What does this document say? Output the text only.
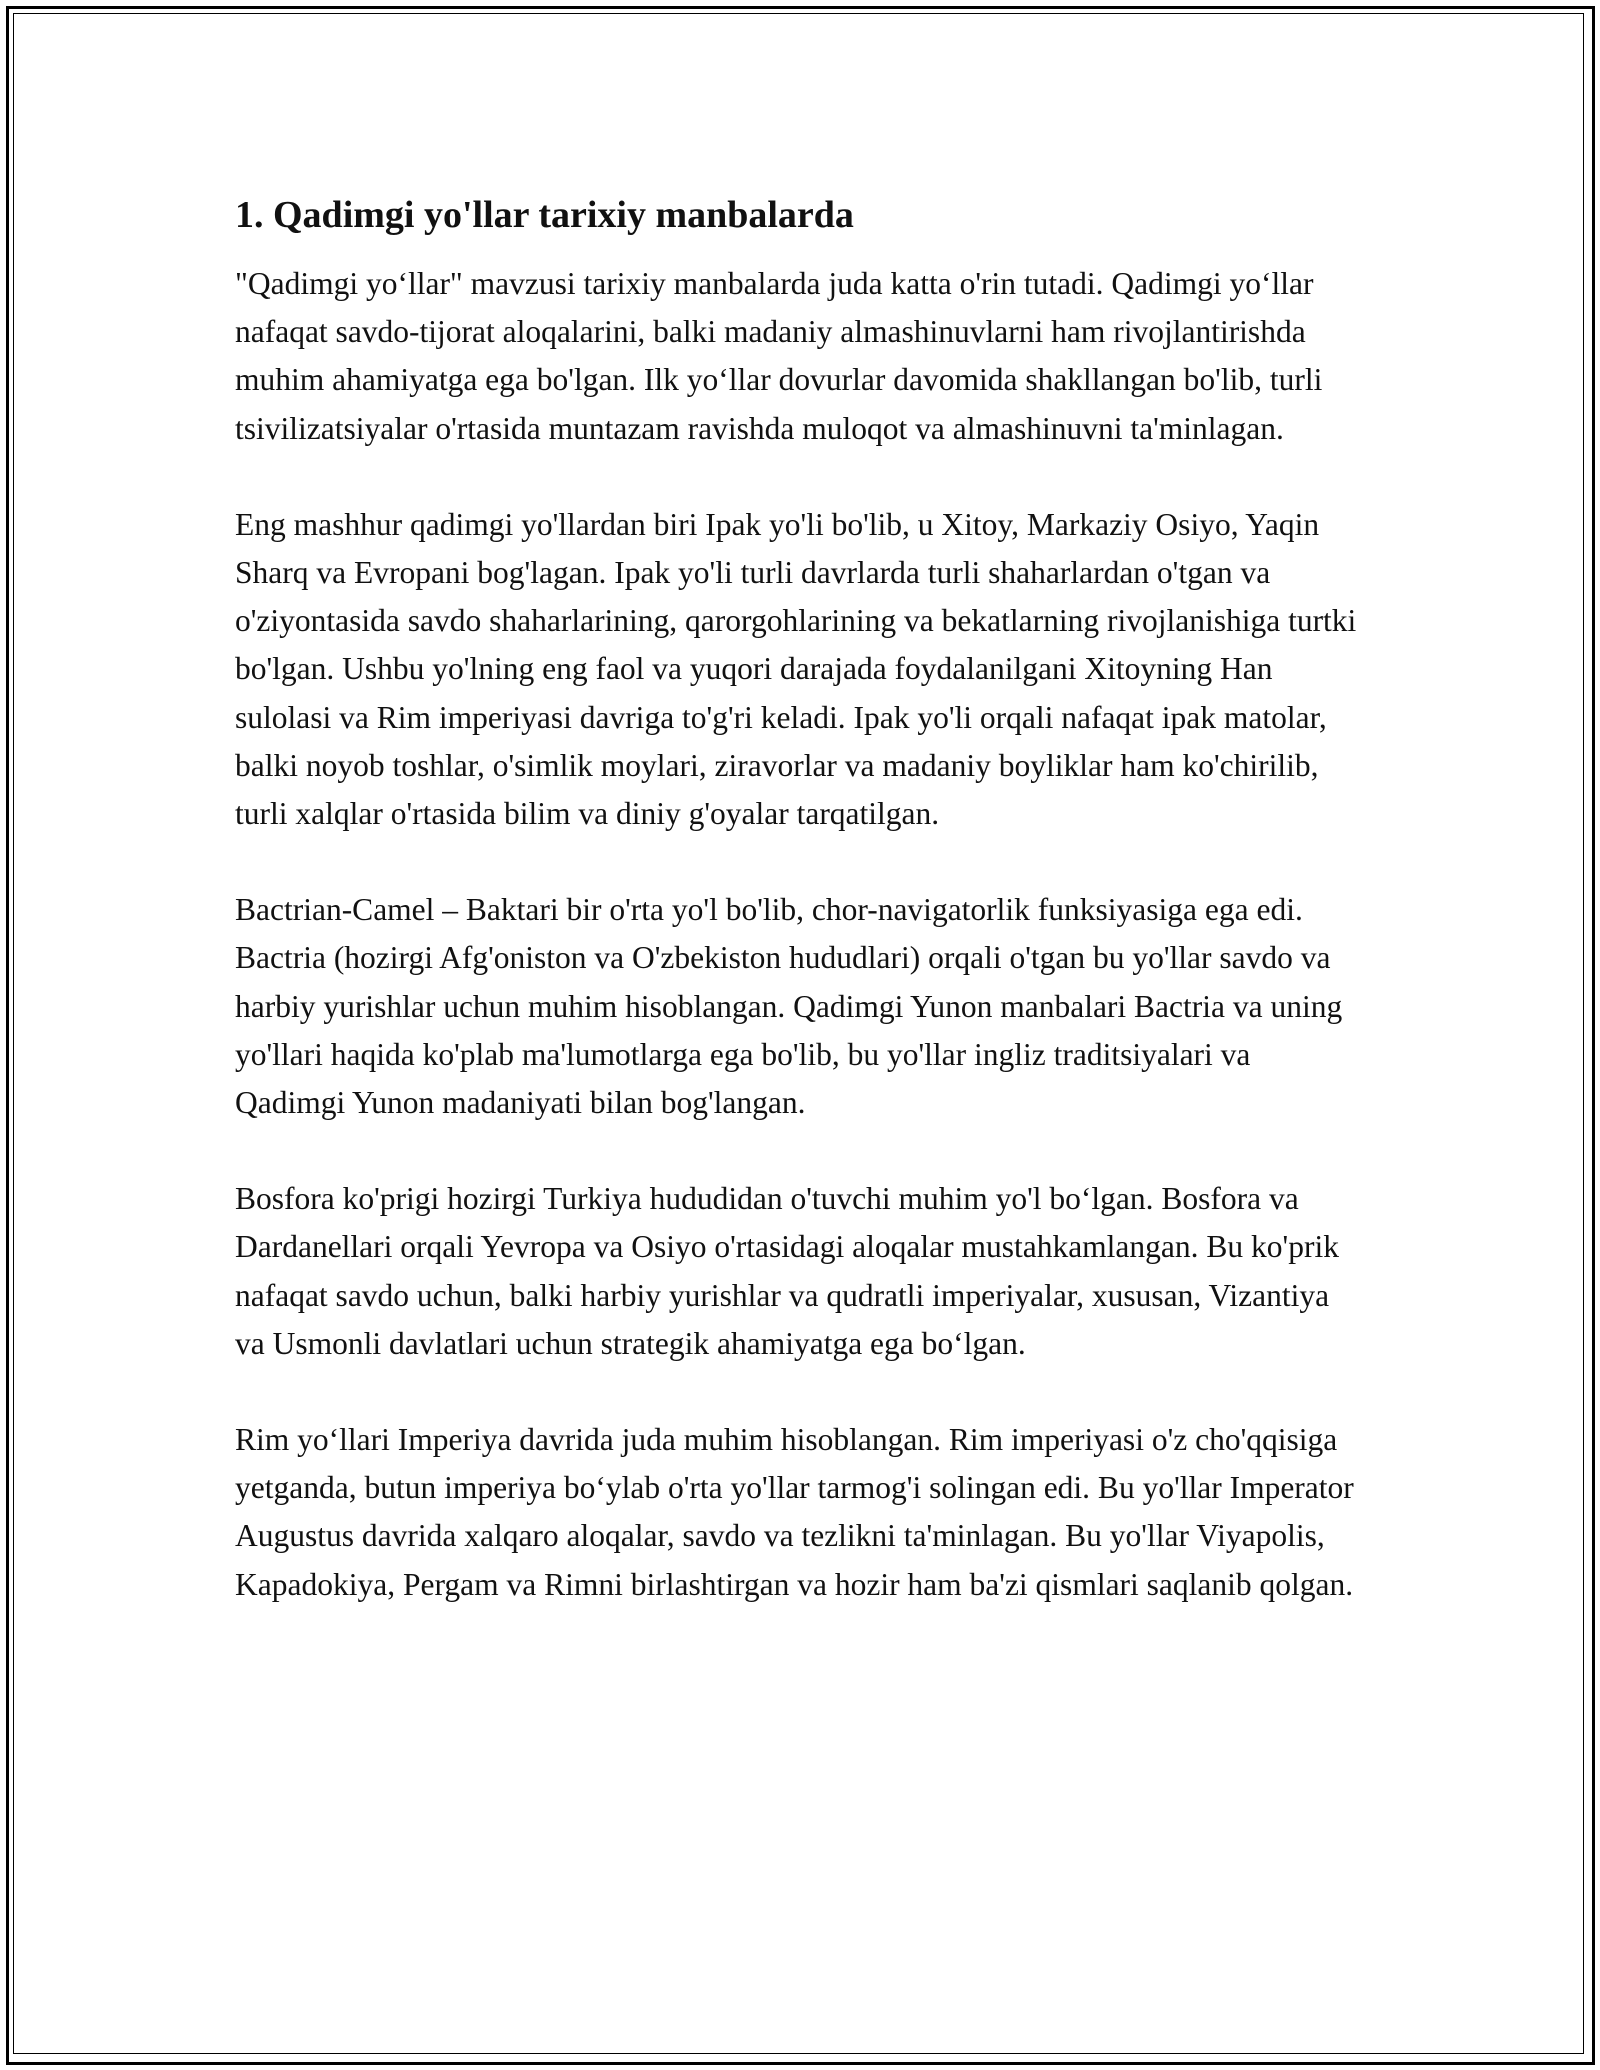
1. Qadimgi yo'llar tarixiy manbalarda

"Qadimgi yo‘llar" mavzusi tarixiy manbalarda juda katta o'rin tutadi. Qadimgi yo‘llar nafaqat savdo-tijorat aloqalarini, balki madaniy almashinuvlarni ham rivojlantirishda muhim ahamiyatga ega bo'lgan. Ilk yo‘llar dovurlar davomida shakllangan bo'lib, turli tsivilizatsiyalar o'rtasida muntazam ravishda muloqot va almashinuvni ta'minlagan.

Eng mashhur qadimgi yo'llardan biri Ipak yo'li bo'lib, u Xitoy, Markaziy Osiyo, Yaqin Sharq va Evropani bog'lagan. Ipak yo'li turli davrlarda turli shaharlardan o'tgan va o'ziyontasida savdo shaharlarining, qarorgohlarining va bekatlarning rivojlanishiga turtki bo'lgan. Ushbu yo'lning eng faol va yuqori darajada foydalanilgani Xitoyning Han sulolasi va Rim imperiyasi davriga to'g'ri keladi. Ipak yo'li orqali nafaqat ipak matolar, balki noyob toshlar, o'simlik moylari, ziravorlar va madaniy boyliklar ham ko'chirilib, turli xalqlar o'rtasida bilim va diniy g'oyalar tarqatilgan.

Bactrian-Camel – Baktari bir o'rta yo'l bo'lib, chor-navigatorlik funksiyasiga ega edi. Bactria (hozirgi Afg'oniston va O'zbekiston hududlari) orqali o'tgan bu yo'llar savdo va harbiy yurishlar uchun muhim hisoblangan. Qadimgi Yunon manbalari Bactria va uning yo'llari haqida ko'plab ma'lumotlarga ega bo'lib, bu yo'llar ingliz traditsiyalari va Qadimgi Yunon madaniyati bilan bog'langan.

Bosfora ko'prigi hozirgi Turkiya hududidan o'tuvchi muhim yo'l bo‘lgan. Bosfora va Dardanellari orqali Yevropa va Osiyo o'rtasidagi aloqalar mustahkamlangan. Bu ko'prik nafaqat savdo uchun, balki harbiy yurishlar va qudratli imperiyalar, xususan, Vizantiya va Usmonli davlatlari uchun strategik ahamiyatga ega bo‘lgan.

Rim yo‘llari Imperiya davrida juda muhim hisoblangan. Rim imperiyasi o'z cho'qqisiga yetganda, butun imperiya bo‘ylab o'rta yo'llar tarmog'i solingan edi. Bu yo'llar Imperator Augustus davrida xalqaro aloqalar, savdo va tezlikni ta'minlagan. Bu yo'llar Viyapolis, Kapadokiya, Pergam va Rimni birlashtirgan va hozir ham ba'zi qismlari saqlanib qolgan.
